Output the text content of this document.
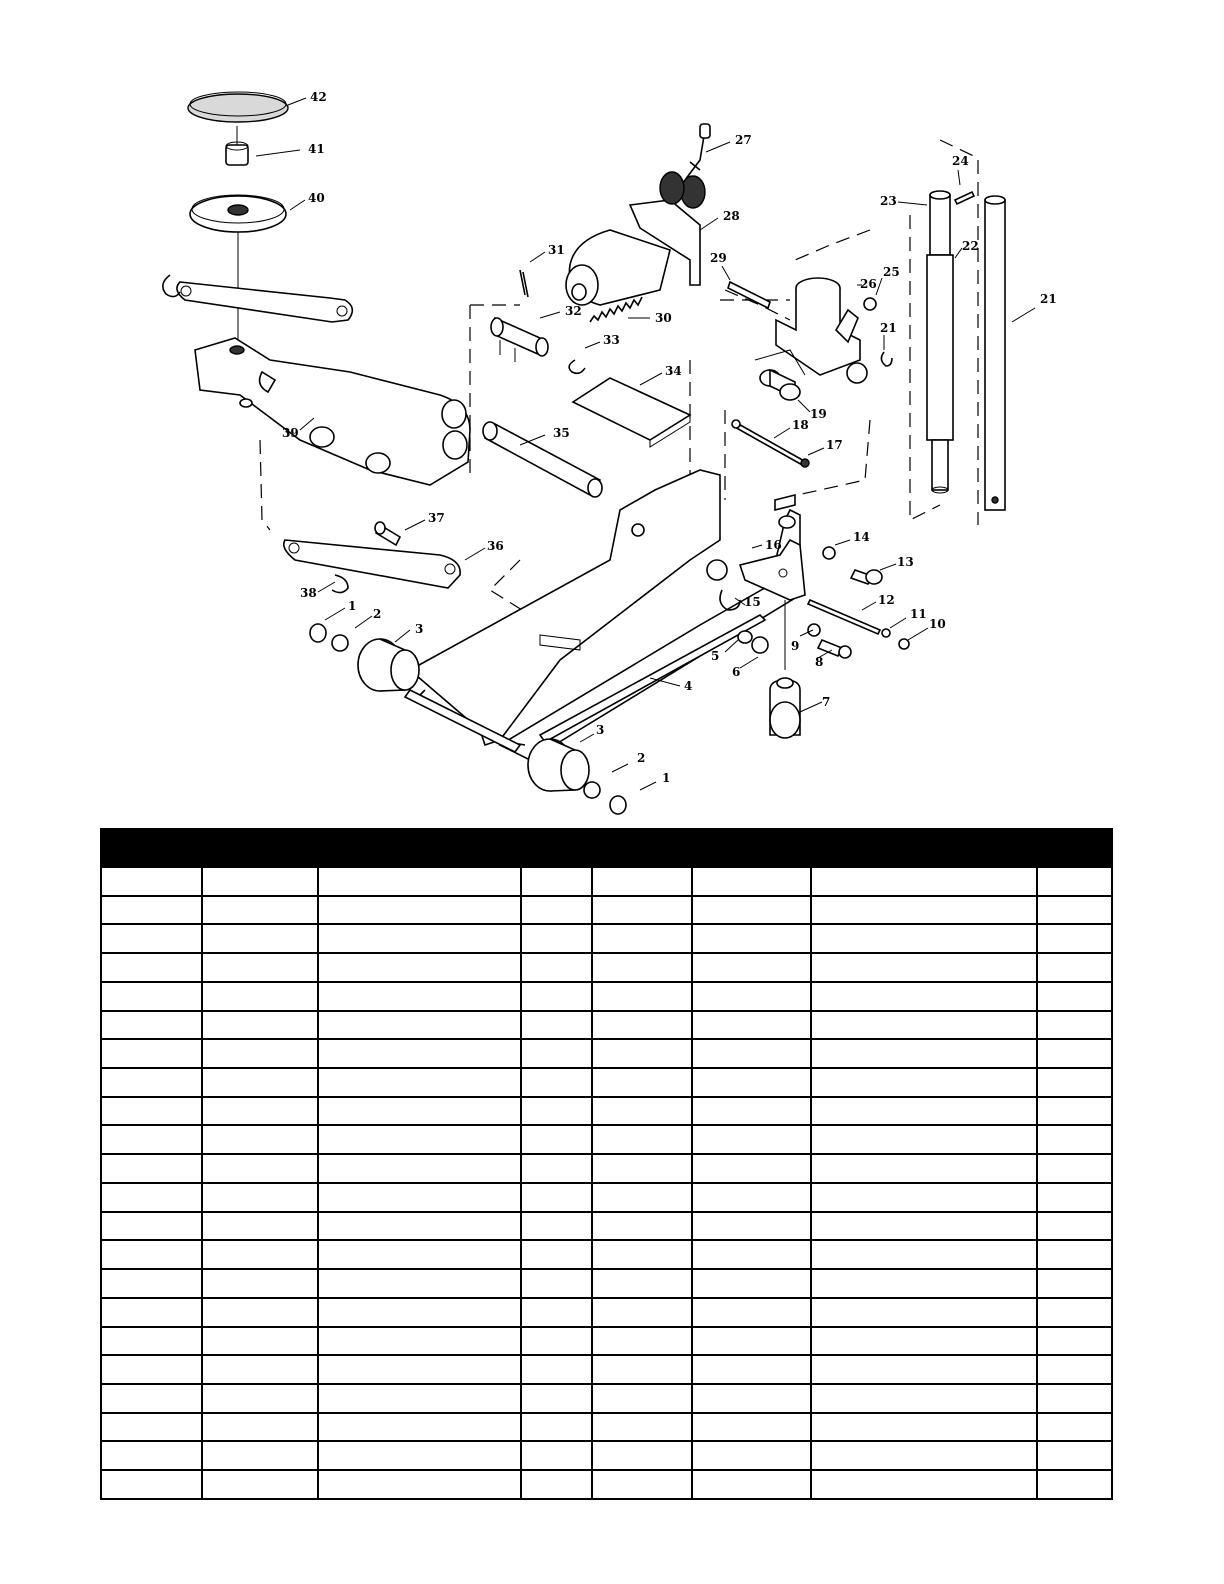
42
41
40
27
28
29
31
32	30
33
34
35
39
37
36
38
1
2
3
4
5
6
7
8
9
10
11
12
13
14
15
16
17
18
19
26
25
21
24
23
22
21
3
2
1
